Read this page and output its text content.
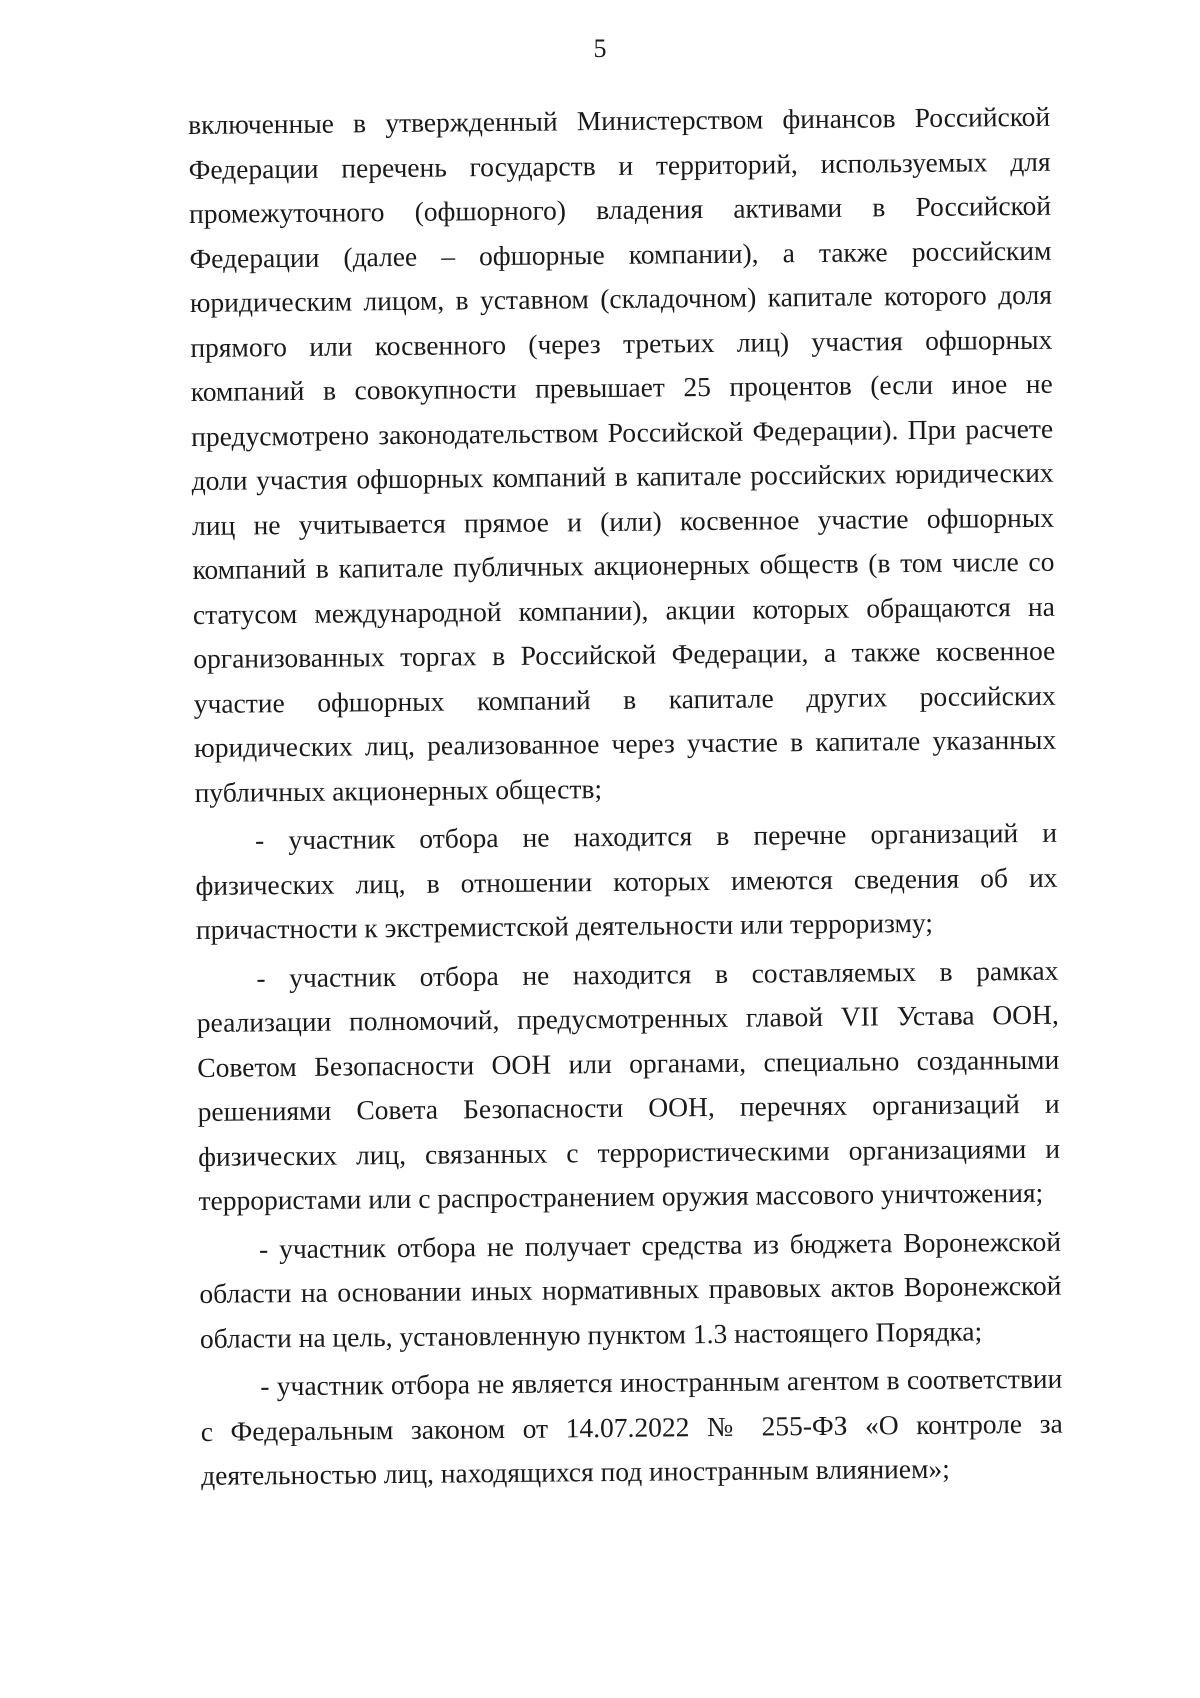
5

включенные в утвержденный Министерством финансов Российской Федерации перечень государств и территорий, используемых для промежуточного (офшорного) владения активами в Российской Федерации (далее – офшорные компании), а также российским юридическим лицом, в уставном (складочном) капитале которого доля прямого или косвенного (через третьих лиц) участия офшорных компаний в совокупности превышает 25 процентов (если иное не предусмотрено законодательством Российской Федерации). При расчете доли участия офшорных компаний в капитале российских юридических лиц не учитывается прямое и (или) косвенное участие офшорных компаний в капитале публичных акционерных обществ (в том числе со статусом международной компании), акции которых обращаются на организованных торгах в Российской Федерации, а также косвенное участие офшорных компаний в капитале других российских юридических лиц, реализованное через участие в капитале указанных публичных акционерных обществ;

- участник отбора не находится в перечне организаций и физических лиц, в отношении которых имеются сведения об их причастности к экстремистской деятельности или терроризму;

- участник отбора не находится в составляемых в рамках реализации полномочий, предусмотренных главой VII Устава ООН, Советом Безопасности ООН или органами, специально созданными решениями Совета Безопасности ООН, перечнях организаций и физических лиц, связанных с террористическими организациями и террористами или с распространением оружия массового уничтожения;

- участник отбора не получает средства из бюджета Воронежской области на основании иных нормативных правовых актов Воронежской области на цель, установленную пунктом 1.3 настоящего Порядка;

- участник отбора не является иностранным агентом в соответствии с Федеральным законом от 14.07.2022 № 255-ФЗ «О контроле за деятельностью лиц, находящихся под иностранным влиянием»;
